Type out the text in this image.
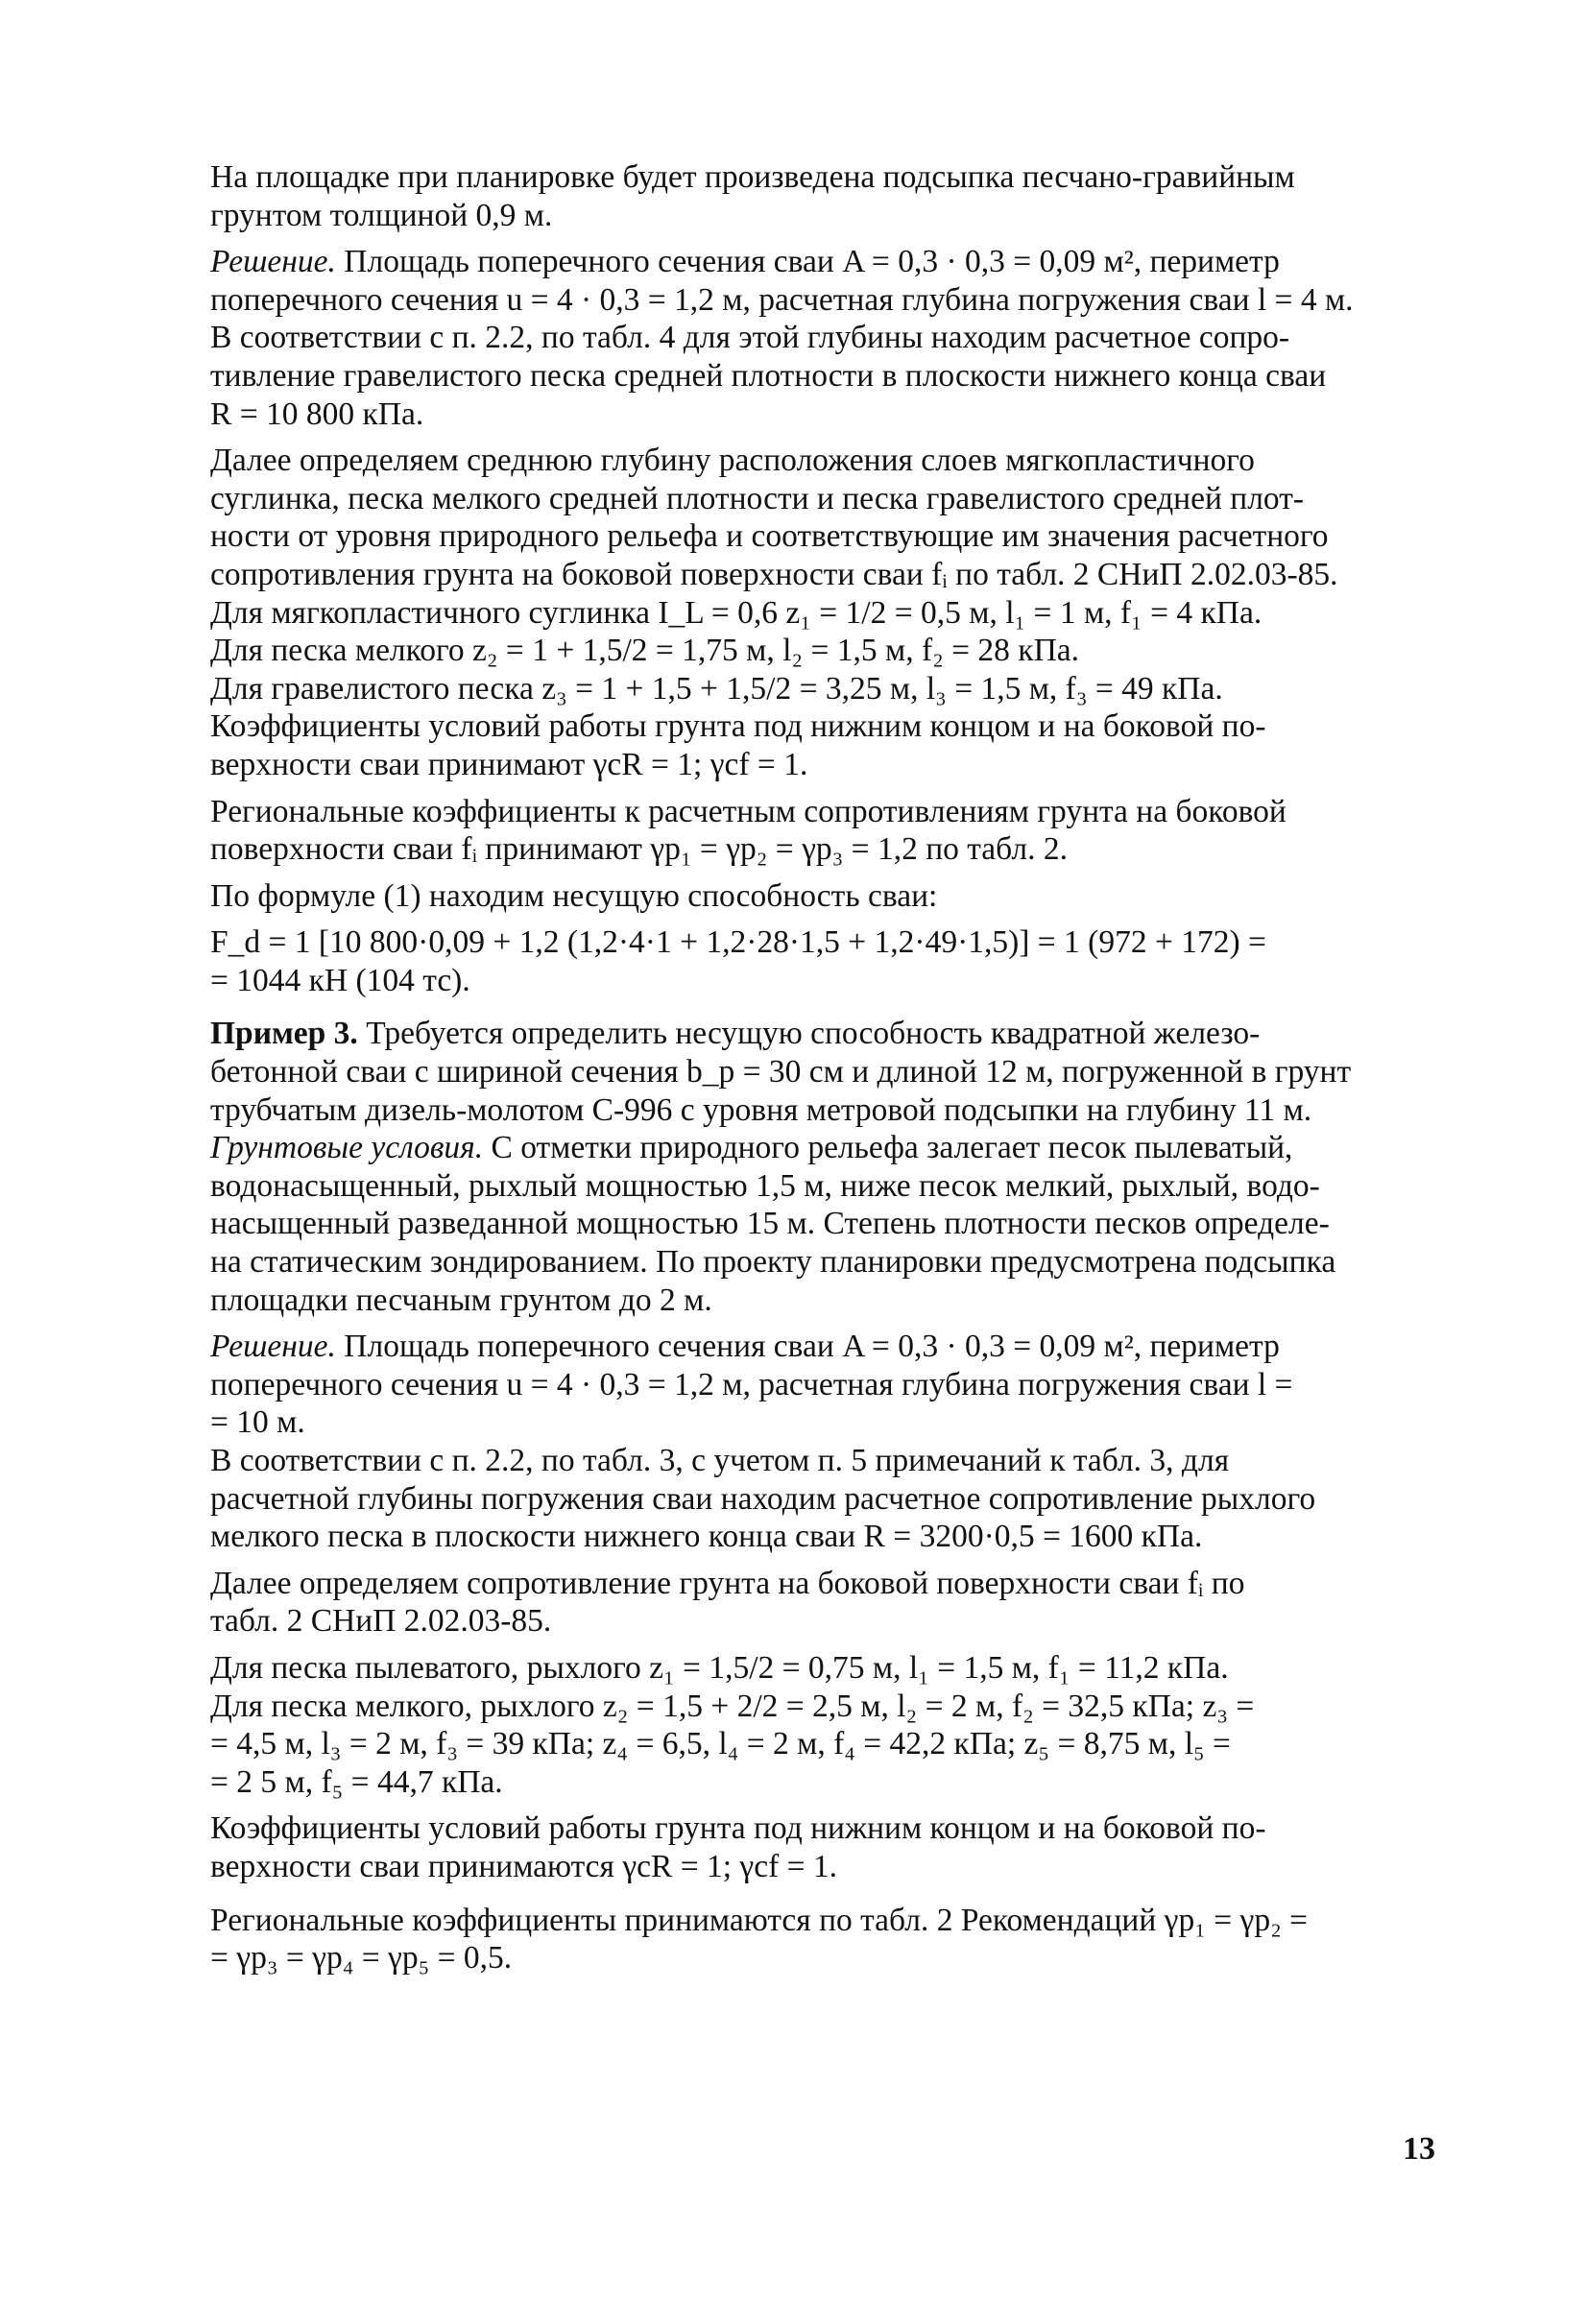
На площадке при планировке будет произведена подсыпка песчано-гравийным
грунтом толщиной 0,9 м.
Решение. Площадь поперечного сечения сваи A = 0,3 · 0,3 = 0,09 м², периметр
поперечного сечения u = 4 · 0,3 = 1,2 м, расчетная глубина погружения сваи l = 4 м.
В соответствии с п. 2.2, по табл. 4 для этой глубины находим расчетное сопро-
тивление гравелистого песка средней плотности в плоскости нижнего конца сваи
R = 10 800 кПа.
Далее определяем среднюю глубину расположения слоев мягкопластичного
суглинка, песка мелкого средней плотности и песка гравелистого средней плот-
ности от уровня природного рельефа и соответствующие им значения расчетного
сопротивления грунта на боковой поверхности сваи fᵢ по табл. 2 СНиП 2.02.03-85.
Для мягкопластичного суглинка I_L = 0,6 z₁ = 1/2 = 0,5 м, l₁ = 1 м, f₁ = 4 кПа.
Для песка мелкого z₂ = 1 + 1,5/2 = 1,75 м, l₂ = 1,5 м, f₂ = 28 кПа.
Для гравелистого песка z₃ = 1 + 1,5 + 1,5/2 = 3,25 м, l₃ = 1,5 м, f₃ = 49 кПа.
Коэффициенты условий работы грунта под нижним концом и на боковой по-
верхности сваи принимают γcR = 1; γcf = 1.
Региональные коэффициенты к расчетным сопротивлениям грунта на боковой
поверхности сваи fᵢ принимают γp₁ = γp₂ = γp₃ = 1,2 по табл. 2.
По формуле (1) находим несущую способность сваи:
F_d = 1 [10 800·0,09 + 1,2 (1,2·4·1 + 1,2·28·1,5 + 1,2·49·1,5)] = 1 (972 + 172) =
= 1044 кН (104 тс).
Пример 3. Требуется определить несущую способность квадратной железо-
бетонной сваи с шириной сечения b_p = 30 см и длиной 12 м, погруженной в грунт
трубчатым дизель-молотом С-996 с уровня метровой подсыпки на глубину 11 м.
Грунтовые условия. С отметки природного рельефа залегает песок пылеватый,
водонасыщенный, рыхлый мощностью 1,5 м, ниже песок мелкий, рыхлый, водо-
насыщенный разведанной мощностью 15 м. Степень плотности песков определе-
на статическим зондированием. По проекту планировки предусмотрена подсыпка
площадки песчаным грунтом до 2 м.
Решение. Площадь поперечного сечения сваи A = 0,3 · 0,3 = 0,09 м², периметр
поперечного сечения u = 4 · 0,3 = 1,2 м, расчетная глубина погружения сваи l =
= 10 м.
В соответствии с п. 2.2, по табл. 3, с учетом п. 5 примечаний к табл. 3, для
расчетной глубины погружения сваи находим расчетное сопротивление рыхлого
мелкого песка в плоскости нижнего конца сваи R = 3200·0,5 = 1600 кПа.
Далее определяем сопротивление грунта на боковой поверхности сваи fᵢ по
табл. 2 СНиП 2.02.03-85.
Для песка пылеватого, рыхлого z₁ = 1,5/2 = 0,75 м, l₁ = 1,5 м, f₁ = 11,2 кПа.
Для песка мелкого, рыхлого z₂ = 1,5 + 2/2 = 2,5 м, l₂ = 2 м, f₂ = 32,5 кПа; z₃ =
= 4,5 м, l₃ = 2 м, f₃ = 39 кПа; z₄ = 6,5, l₄ = 2 м, f₄ = 42,2 кПа; z₅ = 8,75 м, l₅ =
= 2 5 м, f₅ = 44,7 кПа.
Коэффициенты условий работы грунта под нижним концом и на боковой по-
верхности сваи принимаются γcR = 1; γcf = 1.
Региональные коэффициенты принимаются по табл. 2 Рекомендаций γp₁ = γp₂ =
= γp₃ = γp₄ = γp₅ = 0,5.
13
